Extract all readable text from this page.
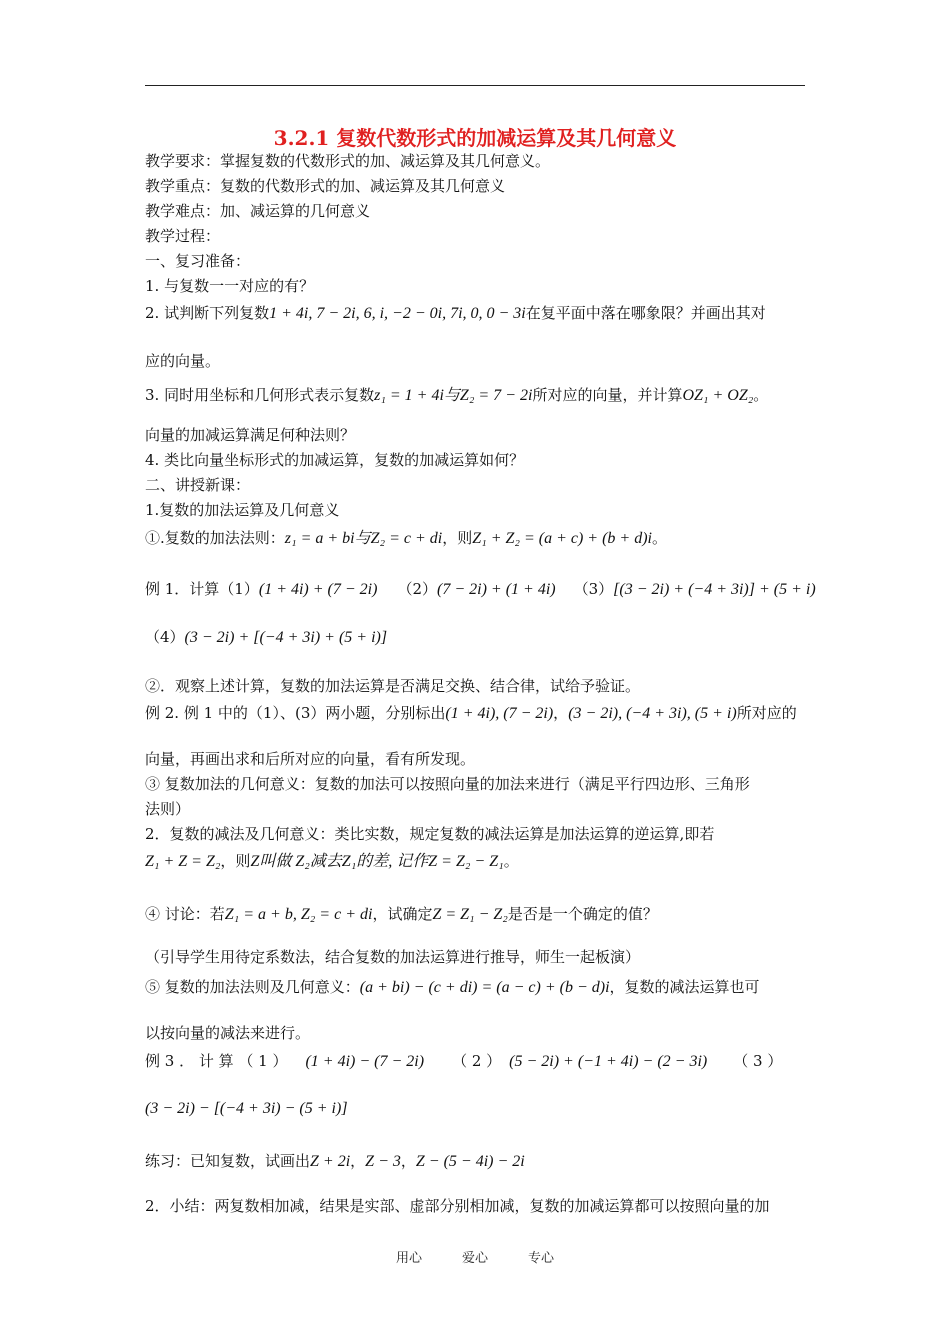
3.2.1 复数代数形式的加减运算及其几何意义
教学要求：掌握复数的代数形式的加、减运算及其几何意义。
教学重点：复数的代数形式的加、减运算及其几何意义
教学难点：加、减运算的几何意义
教学过程：
一、复习准备：
1. 与复数一一对应的有？
2. 试判断下列复数1 + 4i, 7 − 2i, 6, i, −2 − 0i, 7i, 0, 0 − 3i在复平面中落在哪象限？并画出其对
应的向量。
3. 同时用坐标和几何形式表示复数z₁ = 1 + 4i与Z₂ = 7 − 2i所对应的向量，并计算OZ₁ + OZ₂。
向量的加减运算满足何种法则？
4. 类比向量坐标形式的加减运算，复数的加减运算如何？
二、讲授新课：
1.复数的加法运算及几何意义
①.复数的加法法则：z₁ = a + bi与Z₂ = c + di，则Z₁ + Z₂ = (a + c) + (b + d)i。
例 1．计算（1）(1 + 4i) + (7 − 2i) （2）(7 − 2i) + (1 + 4i) （3）[(3 − 2i) + (−4 + 3i)] + (5 + i)
（4）(3 − 2i) + [(−4 + 3i) + (5 + i)]
②．观察上述计算，复数的加法运算是否满足交换、结合律，试给予验证。
例 2. 例 1 中的（1）、(3）两小题，分别标出(1 + 4i), (7 − 2i)，(3 − 2i), (−4 + 3i), (5 + i)所对应的
向量，再画出求和后所对应的向量，看有所发现。
③ 复数加法的几何意义：复数的加法可以按照向量的加法来进行（满足平行四边形、三角形
法则）
2．复数的减法及几何意义：类比实数，规定复数的减法运算是加法运算的逆运算,即若
Z₁ + Z = Z₂，则Z叫做 Z₂减去Z₁的差, 记作Z = Z₂ − Z₁。
④ 讨论：若Z₁ = a + b, Z₂ = c + di，试确定Z = Z₁ − Z₂是否是一个确定的值？
（引导学生用待定系数法，结合复数的加法运算进行推导，师生一起板演）
⑤ 复数的加法法则及几何意义：(a + bi) − (c + di) = (a − c) + (b − d)i，复数的减法运算也可
以按向量的减法来进行。
例 3 ． 计 算 （ 1 ） (1 + 4i) − (7 − 2i) （ 2 ） (5 − 2i) + (−1 + 4i) − (2 − 3i) （ 3 ）
(3 − 2i) − [(−4 + 3i) − (5 + i)]
练习：已知复数，试画出Z + 2i，Z − 3，Z − (5 − 4i) − 2i
2．小结：两复数相加减，结果是实部、虚部分别相加减，复数的加减运算都可以按照向量的加
用心	爱心	专心
